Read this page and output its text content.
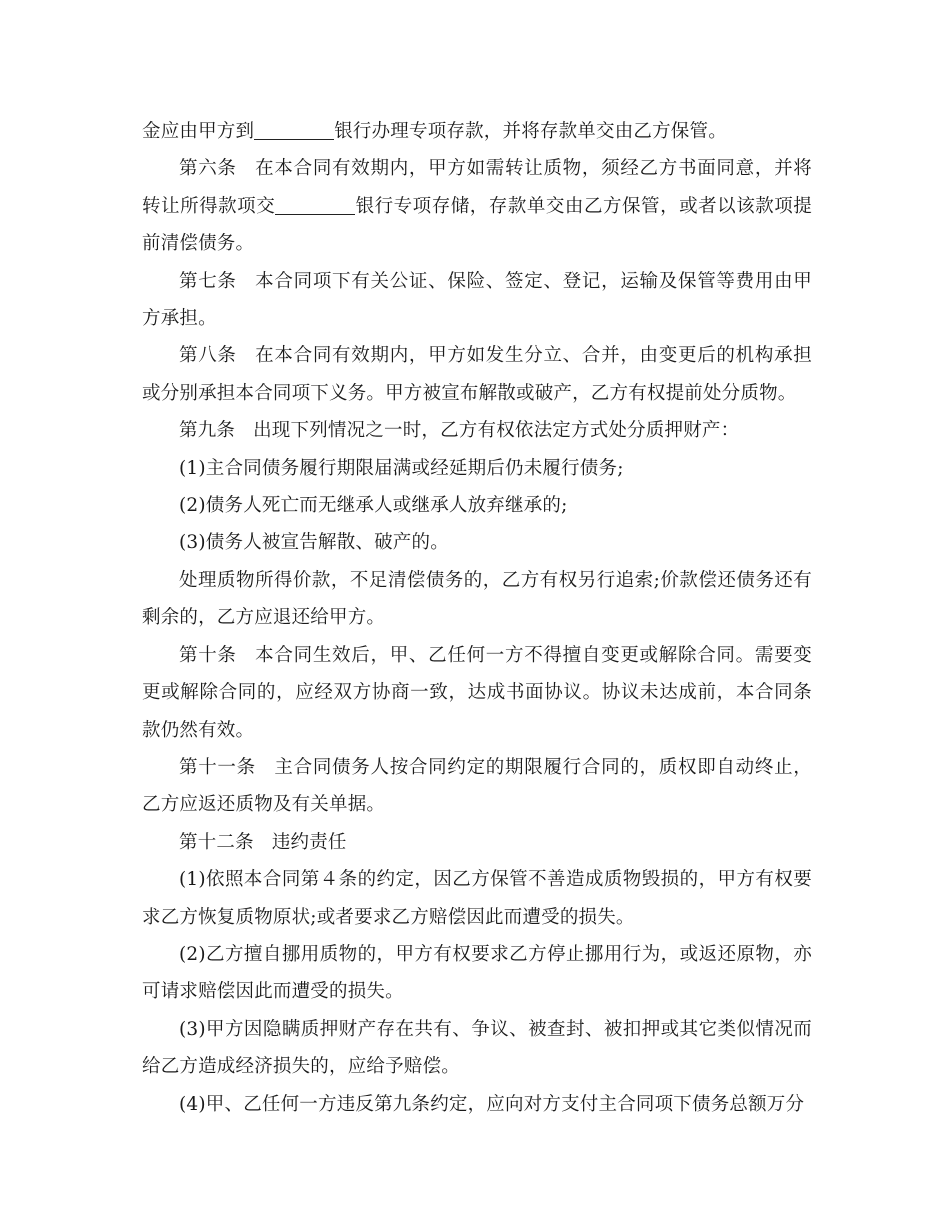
金应由甲方到	银行办理专项存款，并将存款单交由乙方保管。

第六条 在本合同有效期内，甲方如需转让质物，须经乙方书面同意，并将转让所得款项交	银行专项存储，存款单交由乙方保管，或者以该款项提前清偿债务。

第七条 本合同项下有关公证、保险、签定、登记，运输及保管等费用由甲方承担。

第八条 在本合同有效期内，甲方如发生分立、合并，由变更后的机构承担或分别承担本合同项下义务。甲方被宣布解散或破产，乙方有权提前处分质物。

第九条 出现下列情况之一时，乙方有权依法定方式处分质押财产：

(1)主合同债务履行期限届满或经延期后仍未履行债务;

(2)债务人死亡而无继承人或继承人放弃继承的;

(3)债务人被宣告解散、破产的。

处理质物所得价款，不足清偿债务的，乙方有权另行追索;价款偿还债务还有剩余的，乙方应退还给甲方。

第十条 本合同生效后，甲、乙任何一方不得擅自变更或解除合同。需要变更或解除合同的，应经双方协商一致，达成书面协议。协议未达成前，本合同条款仍然有效。

第十一条 主合同债务人按合同约定的期限履行合同的，质权即自动终止，乙方应返还质物及有关单据。

第十二条 违约责任

(1)依照本合同第４条的约定，因乙方保管不善造成质物毁损的，甲方有权要求乙方恢复质物原状;或者要求乙方赔偿因此而遭受的损失。

(2)乙方擅自挪用质物的，甲方有权要求乙方停止挪用行为，或返还原物，亦可请求赔偿因此而遭受的损失。

(3)甲方因隐瞒质押财产存在共有、争议、被查封、被扣押或其它类似情况而给乙方造成经济损失的，应给予赔偿。

(4)甲、乙任何一方违反第九条约定，应向对方支付主合同项下债务总额万分
